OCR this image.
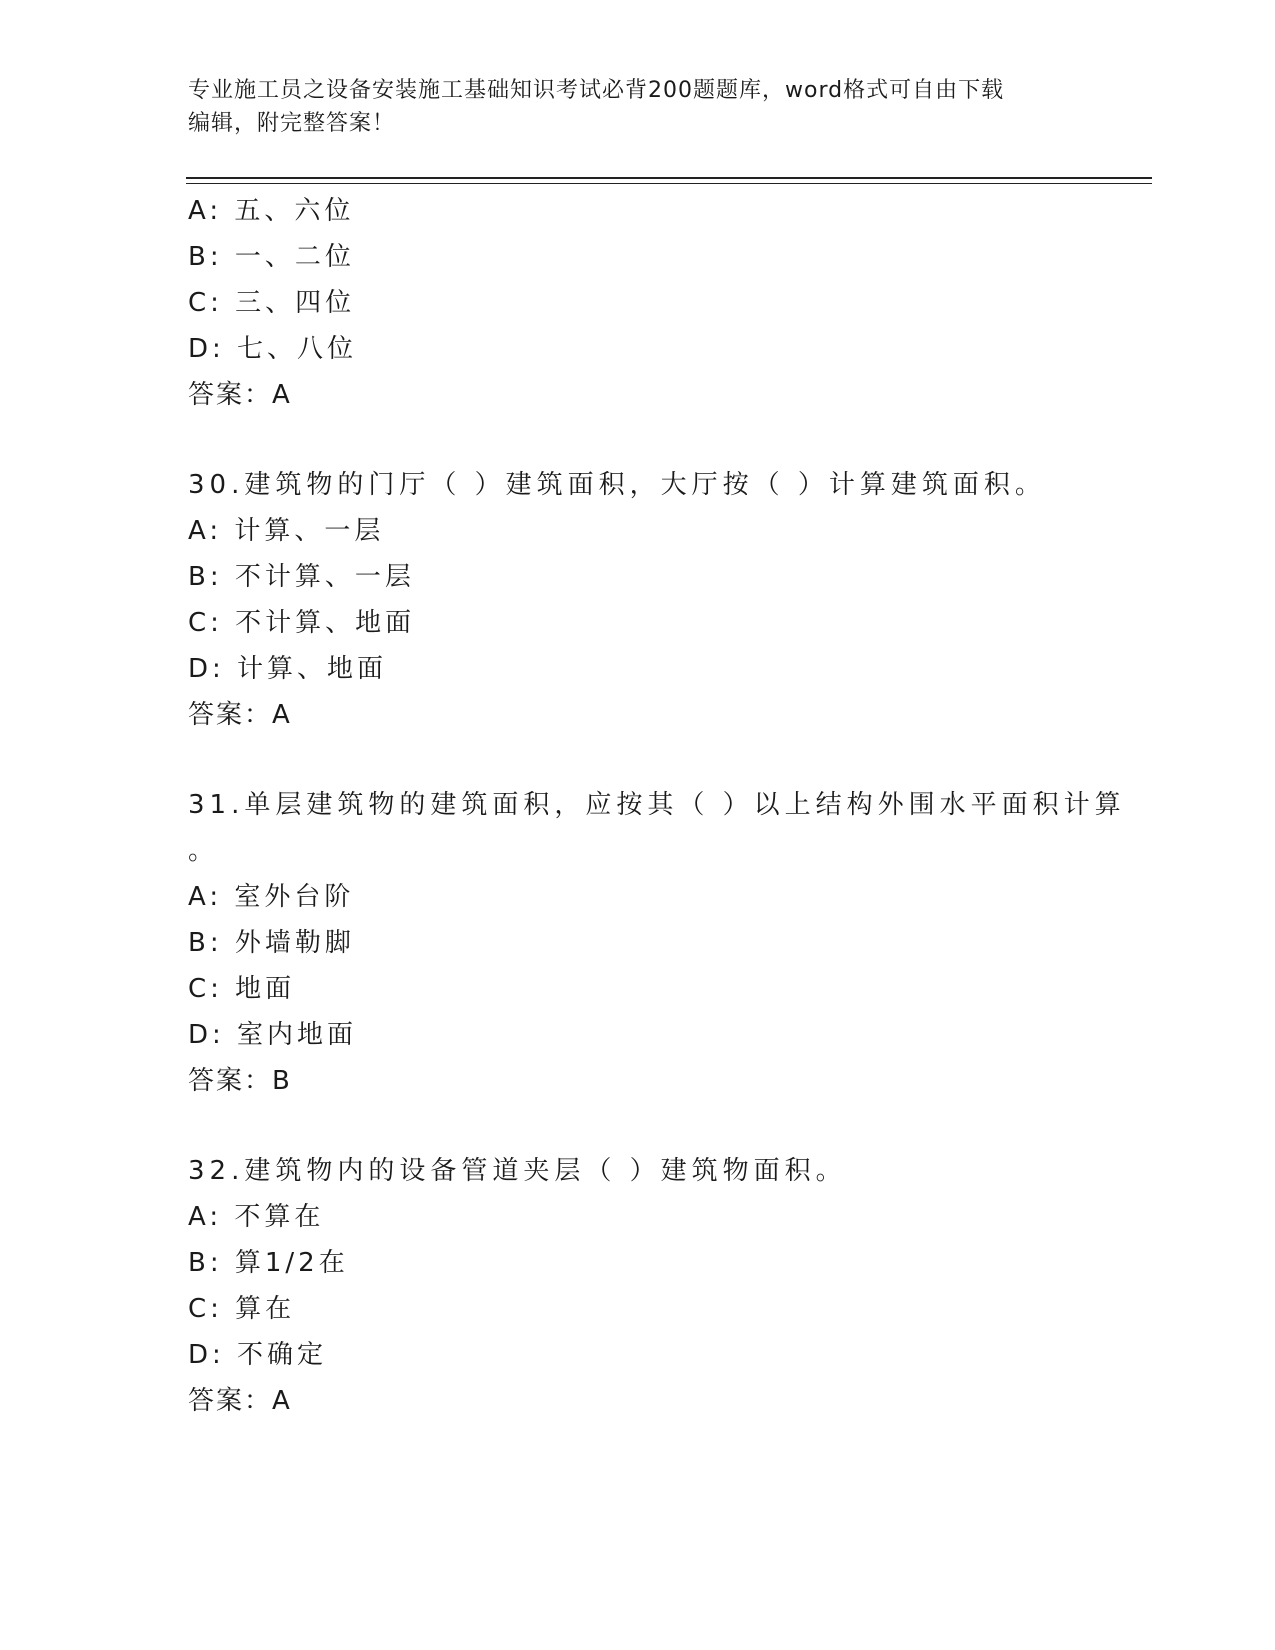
专业施工员之设备安装施工基础知识考试必背200题题库，word格式可自由下载
编辑，附完整答案！
A: 五、六位
B: 一、二位
C: 三、四位
D: 七、八位
答案：A
30.建筑物的门厅（ ）建筑面积，大厅按（ ）计算建筑面积。
A: 计算、一层
B: 不计算、一层
C: 不计算、地面
D: 计算、地面
答案：A
31.单层建筑物的建筑面积，应按其（ ）以上结构外围水平面积计算
。
A: 室外台阶
B: 外墙勒脚
C: 地面
D: 室内地面
答案：B
32.建筑物内的设备管道夹层（ ）建筑物面积。
A: 不算在
B: 算1/2在
C: 算在
D: 不确定
答案：A
